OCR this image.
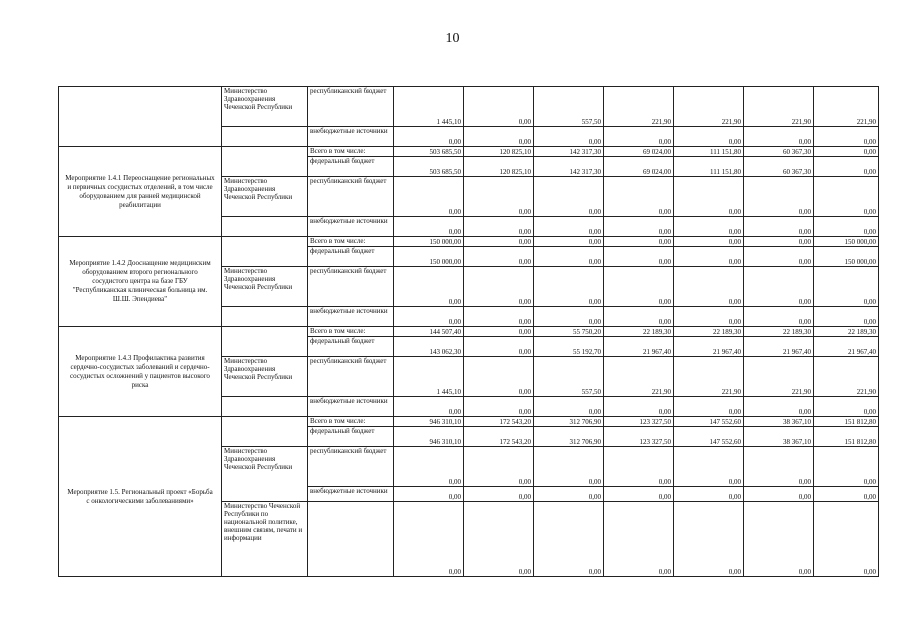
10
	Министерство Здравоохранения Чеченской Республики	республиканский бюджет	1 445,10	0,00	557,50	221,90	221,90	221,90	221,90
		внебюджетные источники	0,00	0,00	0,00	0,00	0,00	0,00	0,00
Мероприятие 1.4.1 Переоснащение региональных и первичных сосудистых отделений, в том числе оборудованием для ранней медицинской реабилитации		Всего в том числе:	503 685,50	120 825,10	142 317,30	69 024,00	111 151,80	60 367,30	0,00
		федеральный бюджет	503 685,50	120 825,10	142 317,30	69 024,00	111 151,80	60 367,30	0,00
	Министерство Здравоохранения Чеченской Республики	республиканский бюджет	0,00	0,00	0,00	0,00	0,00	0,00	0,00
		внебюджетные источники	0,00	0,00	0,00	0,00	0,00	0,00	0,00
Мероприятие 1.4.2 Дооснащение медицинским оборудованием второго регионального сосудистого центра на базе ГБУ "Республиканская клиническая больница им. Ш.Ш. Эпендиева"		Всего в том числе:	150 000,00	0,00	0,00	0,00	0,00	0,00	150 000,00
		федеральный бюджет	150 000,00	0,00	0,00	0,00	0,00	0,00	150 000,00
	Министерство Здравоохранения Чеченской Республики	республиканский бюджет	0,00	0,00	0,00	0,00	0,00	0,00	0,00
		внебюджетные источники	0,00	0,00	0,00	0,00	0,00	0,00	0,00
Мероприятие 1.4.3 Профилактика развития сердечно-сосудистых заболеваний и сердечно-сосудистых осложнений у пациентов высокого риска		Всего в том числе:	144 507,40	0,00	55 750,20	22 189,30	22 189,30	22 189,30	22 189,30
		федеральный бюджет	143 062,30	0,00	55 192,70	21 967,40	21 967,40	21 967,40	21 967,40
	Министерство Здравоохранения Чеченской Республики	республиканский бюджет	1 445,10	0,00	557,50	221,90	221,90	221,90	221,90
		внебюджетные источники	0,00	0,00	0,00	0,00	0,00	0,00	0,00
Мероприятие 1.5. Региональный проект «Борьба с онкологическими заболеваниями»		Всего в том числе:	946 310,10	172 543,20	312 706,90	123 327,50	147 552,60	38 367,10	151 812,80
		федеральный бюджет	946 310,10	172 543,20	312 706,90	123 327,50	147 552,60	38 367,10	151 812,80
	Министерство Здравоохранения Чеченской Республики	республиканский бюджет	0,00	0,00	0,00	0,00	0,00	0,00	0,00
		внебюджетные источники	0,00	0,00	0,00	0,00	0,00	0,00	0,00
	Министерство Чеченской Республики по национальной политике, внешним связям, печати и информации		0,00	0,00	0,00	0,00	0,00	0,00	0,00
